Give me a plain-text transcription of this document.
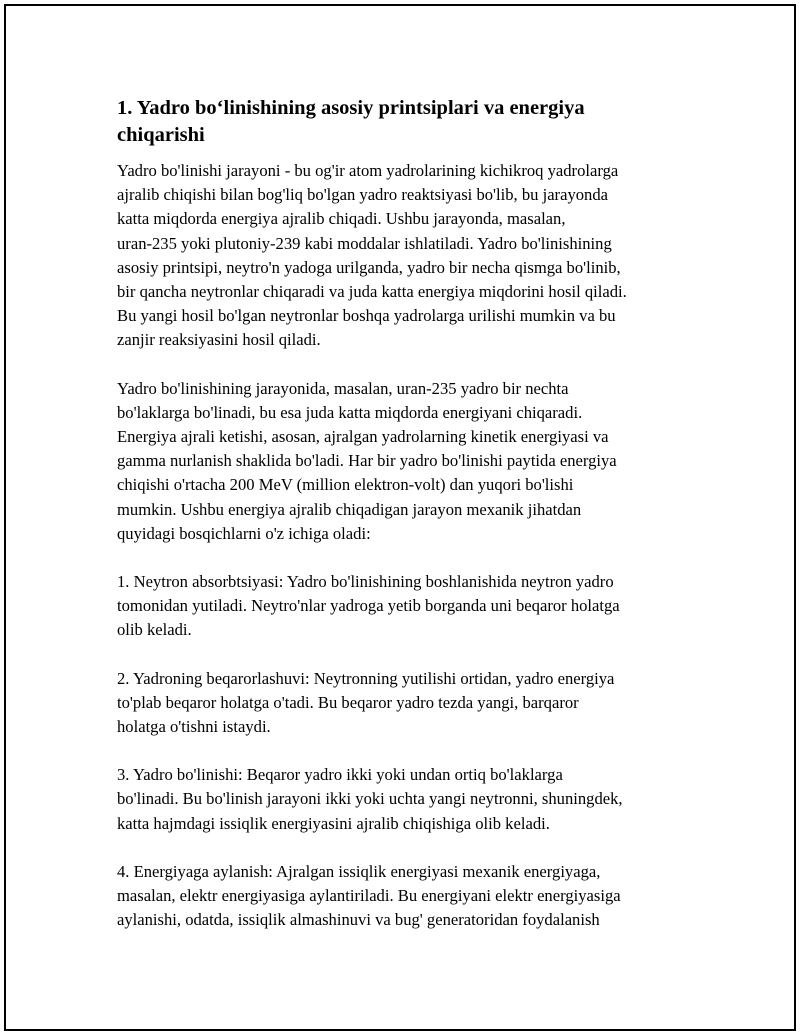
1. Yadro bo‘linishining asosiy printsiplari va energiya
chiqarishi

Yadro bo'linishi jarayoni - bu og'ir atom yadrolarining kichikroq yadrolarga
ajralib chiqishi bilan bog'liq bo'lgan yadro reaktsiyasi bo'lib, bu jarayonda
katta miqdorda energiya ajralib chiqadi. Ushbu jarayonda, masalan,
uran-235 yoki plutoniy-239 kabi moddalar ishlatiladi. Yadro bo'linishining
asosiy printsipi, neytro'n yadoga urilganda, yadro bir necha qismga bo'linib,
bir qancha neytronlar chiqaradi va juda katta energiya miqdorini hosil qiladi.
Bu yangi hosil bo'lgan neytronlar boshqa yadrolarga urilishi mumkin va bu
zanjir reaksiyasini hosil qiladi.

Yadro bo'linishining jarayonida, masalan, uran-235 yadro bir nechta
bo'laklarga bo'linadi, bu esa juda katta miqdorda energiyani chiqaradi.
Energiya ajrali ketishi, asosan, ajralgan yadrolarning kinetik energiyasi va
gamma nurlanish shaklida bo'ladi. Har bir yadro bo'linishi paytida energiya
chiqishi o'rtacha 200 MeV (million elektron-volt) dan yuqori bo'lishi
mumkin. Ushbu energiya ajralib chiqadigan jarayon mexanik jihatdan
quyidagi bosqichlarni o'z ichiga oladi:

1. Neytron absorbtsiyasi: Yadro bo'linishining boshlanishida neytron yadro
tomonidan yutiladi. Neytro'nlar yadroga yetib borganda uni beqaror holatga
olib keladi.

2. Yadroning beqarorlashuvi: Neytronning yutilishi ortidan, yadro energiya
to'plab beqaror holatga o'tadi. Bu beqaror yadro tezda yangi, barqaror
holatga o'tishni istaydi.

3. Yadro bo'linishi: Beqaror yadro ikki yoki undan ortiq bo'laklarga
bo'linadi. Bu bo'linish jarayoni ikki yoki uchta yangi neytronni, shuningdek,
katta hajmdagi issiqlik energiyasini ajralib chiqishiga olib keladi.

4. Energiyaga aylanish: Ajralgan issiqlik energiyasi mexanik energiyaga,
masalan, elektr energiyasiga aylantiriladi. Bu energiyani elektr energiyasiga
aylanishi, odatda, issiqlik almashinuvi va bug' generatoridan foydalanish
